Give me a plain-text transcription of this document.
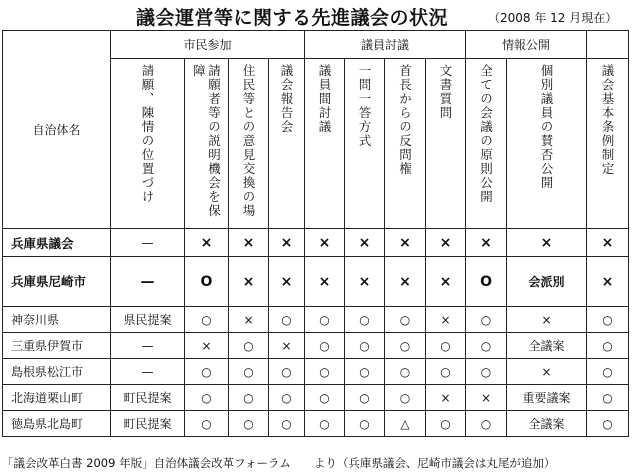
議会運営等に関する先進議会の状況	（2008 年 12 月現在）
自治体名	市民参加				議員討議				情報公開		
	請願、陳情の位置づけ	請願者等の説明機会を保障	住民等との意見交換の場	議会報告会	議員間討議	一問一答方式	首長からの反問権	文書質問	全ての会議の原則公開	個別議員の賛否公開	議会基本条例制定
兵庫県議会	—	×	×	×	×	×	×	×	×	×	×
兵庫県尼崎市	—	O	×	×	×	×	×	×	O	会派別	×
神奈川県	県民提案	○	×	○	○	○	○	×	○	×	○
三重県伊賀市	—	×	○	×	○	○	○	○	○	全議案	○
島根県松江市	—	○	○	○	○	○	○	○	○	×	○
北海道栗山町	町民提案	○	○	○	○	○	○	×	×	重要議案	○
徳島県北島町	町民提案	○	○	○	○	○	△	○	○	全議案	○
「議会改革白書 2009 年版」自治体議会改革フォーラム　　より（兵庫県議会、尼崎市議会は丸尾が追加）
